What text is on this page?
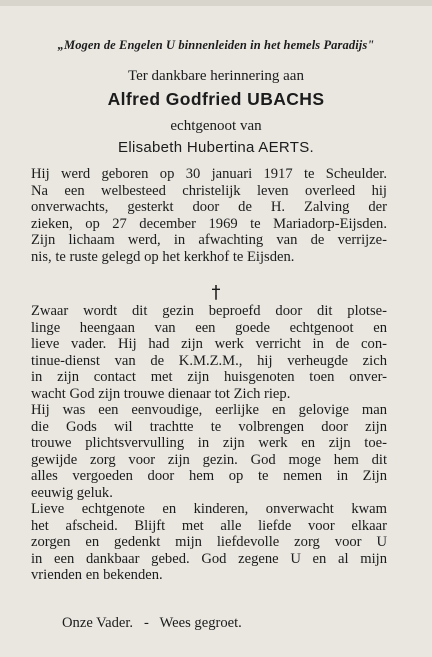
„Mogen de Engelen U binnenleiden in het hemels Paradijs"
Ter dankbare herinnering aan
Alfred Godfried UBACHS
echtgenoot van
Elisabeth Hubertina AERTS.
Hij werd geboren op 30 januari 1917 te Scheulder.
Na een welbesteed christelijk leven overleed hij
onverwachts, gesterkt door de H. Zalving der
zieken, op 27 december 1969 te Mariadorp-Eijsden.
Zijn lichaam werd, in afwachting van de verrijze-
nis, te ruste gelegd op het kerkhof te Eijsden.
†
Zwaar wordt dit gezin beproefd door dit plotse-
linge heengaan van een goede echtgenoot en
lieve vader. Hij had zijn werk verricht in de con-
tinue-dienst van de K.M.Z.M., hij verheugde zich
in zijn contact met zijn huisgenoten toen onver-
wacht God zijn trouwe dienaar tot Zich riep.
Hij was een eenvoudige, eerlijke en gelovige man
die Gods wil trachtte te volbrengen door zijn
trouwe plichtsvervulling in zijn werk en zijn toe-
gewijde zorg voor zijn gezin. God moge hem dit
alles vergoeden door hem op te nemen in Zijn
eeuwig geluk.
Lieve echtgenote en kinderen, onverwacht kwam
het afscheid. Blijft met alle liefde voor elkaar
zorgen en gedenkt mijn liefdevolle zorg voor U
in een dankbaar gebed. God zegene U en al mijn
vrienden en bekenden.
Onze Vader.   -   Wees gegroet.
